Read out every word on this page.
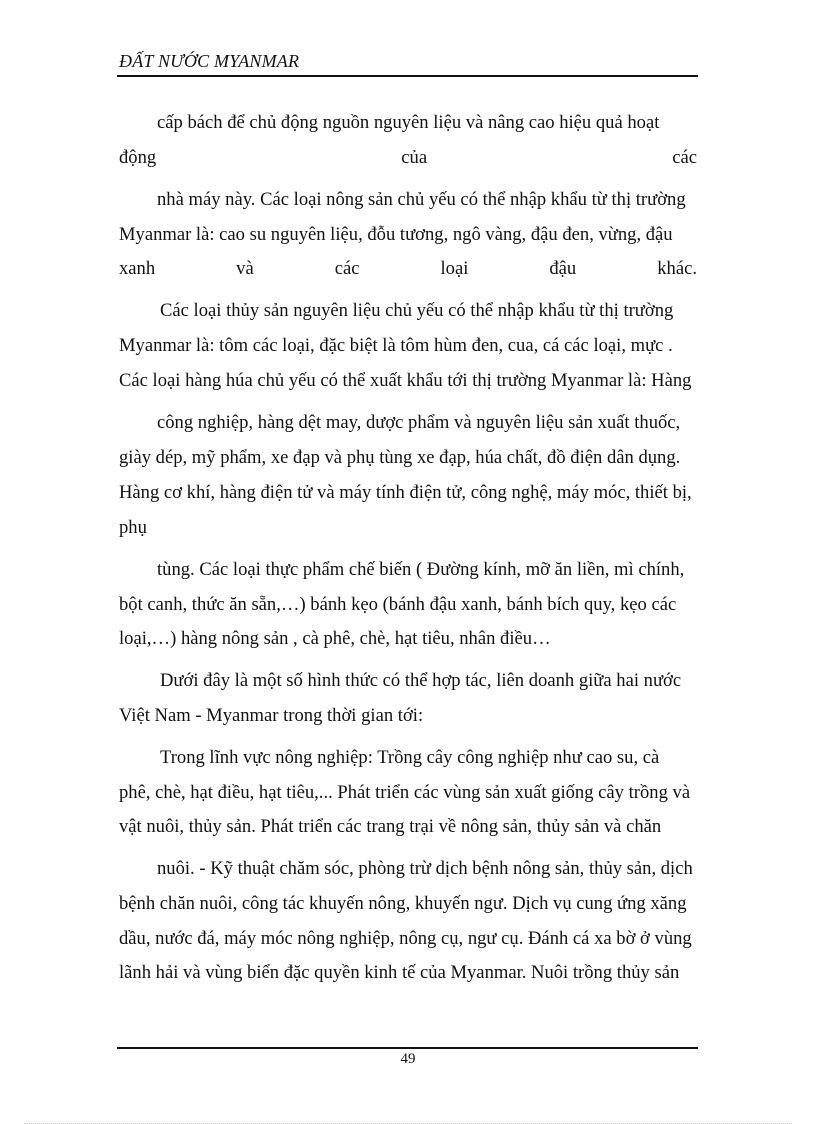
ĐẤT NƯỚC MYANMAR
cấp bách để chủ động nguồn nguyên liệu và nâng cao hiệu quả hoạt
động	của	các
nhà máy này. Các loại nông sản chủ yếu có thể nhập khẩu từ thị trường
Myanmar là: cao su nguyên liệu, đỗu tương, ngô vàng, đậu đen, vừng, đậu
xanh	và	các	loại	đậu	khác.
Các loại thủy sản nguyên liệu chủ yếu có thể nhập khẩu từ thị trường
Myanmar là: tôm các loại, đặc biệt là tôm hùm đen, cua, cá các loại, mực .
Các loại hàng húa chủ yếu có thể xuất khẩu tới thị trường Myanmar là: Hàng
công nghiệp, hàng dệt may, dược phẩm và nguyên liệu sản xuất thuốc,
giày dép, mỹ phẩm, xe đạp và phụ tùng xe đạp, húa chất, đồ điện dân dụng.
Hàng cơ khí, hàng điện tử và máy tính điện tử, công nghệ, máy móc, thiết bị,
phụ
tùng. Các loại thực phẩm chế biến ( Đường kính, mỡ ăn liền, mì chính,
bột canh, thức ăn sẵn,…) bánh kẹo (bánh đậu xanh, bánh bích quy, kẹo các
loại,…) hàng nông sản , cà phê, chè, hạt tiêu, nhân điều…
Dưới đây là một số hình thức có thể hợp tác, liên doanh giữa hai nước
Việt Nam - Myanmar trong thời gian tới:
Trong lĩnh vực nông nghiệp: Trồng cây công nghiệp như cao su, cà
phê, chè, hạt điều, hạt tiêu,... Phát triển các vùng sản xuất giống cây trồng và
vật nuôi, thủy sản. Phát triển các trang trại về nông sản, thủy sản và chăn
nuôi. - Kỹ thuật chăm sóc, phòng trừ dịch bệnh nông sản, thủy sản, dịch
bệnh chăn nuôi, công tác khuyến nông, khuyến ngư. Dịch vụ cung ứng xăng
dầu, nước đá, máy móc nông nghiệp, nông cụ, ngư cụ. Đánh cá xa bờ ở vùng
lãnh hải và vùng biển đặc quyền kinh tế của Myanmar. Nuôi trồng thủy sản
49
